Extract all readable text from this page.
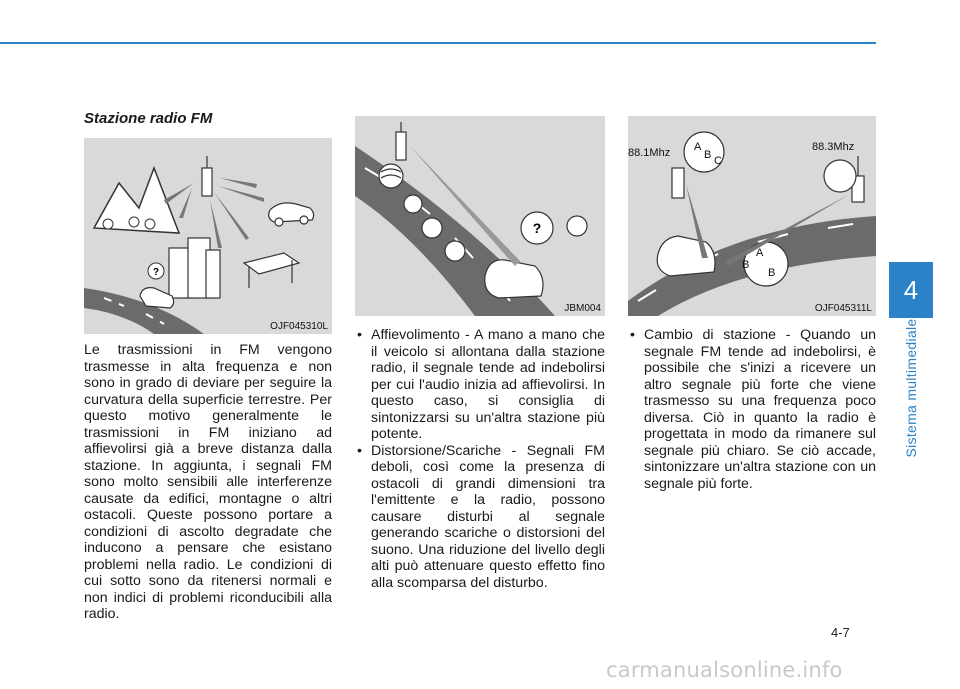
4
Sistema multimediale
Stazione radio FM
?
OJF045310L
?
JBM004
88.1Mhz	88.3Mhz
A
B C
A
B
B
OJF045311L

Le trasmissioni in FM vengono trasmesse in alta frequenza e non sono in grado di deviare per seguire la curvatura della superficie terrestre. Per questo motivo generalmente le trasmissioni in FM iniziano ad affievolirsi già a breve distanza dalla stazione. In aggiunta, i segnali FM sono molto sensibili alle interferenze causate da edifici, montagne o altri ostacoli. Queste possono portare a condizioni di ascolto degradate che inducono a pensare che esistano problemi nella radio. Le condizioni di cui sotto sono da ritenersi normali e non indici di problemi riconducibili alla radio.

• Affievolimento - A mano a mano che il veicolo si allontana dalla stazione radio, il segnale tende ad indebolirsi per cui l'audio inizia ad affievolirsi. In questo caso, si consiglia di sintonizzarsi su un'altra stazione più potente.

• Distorsione/Scariche - Segnali FM deboli, così come la presenza di ostacoli di grandi dimensioni tra l'emittente e la radio, possono causare disturbi al segnale generando scariche o distorsioni del suono. Una riduzione del livello degli alti può attenuare questo effetto fino alla scomparsa del disturbo.

• Cambio di stazione - Quando un segnale FM tende ad indebolirsi, è possibile che s'inizi a ricevere un altro segnale più forte che viene trasmesso su una frequenza poco diversa. Ciò in quanto la radio è progettata in modo da rimanere sul segnale più chiaro. Se ciò accade, sintonizzare un'altra stazione con un segnale più forte.

4-7
carmanualsonline.info
